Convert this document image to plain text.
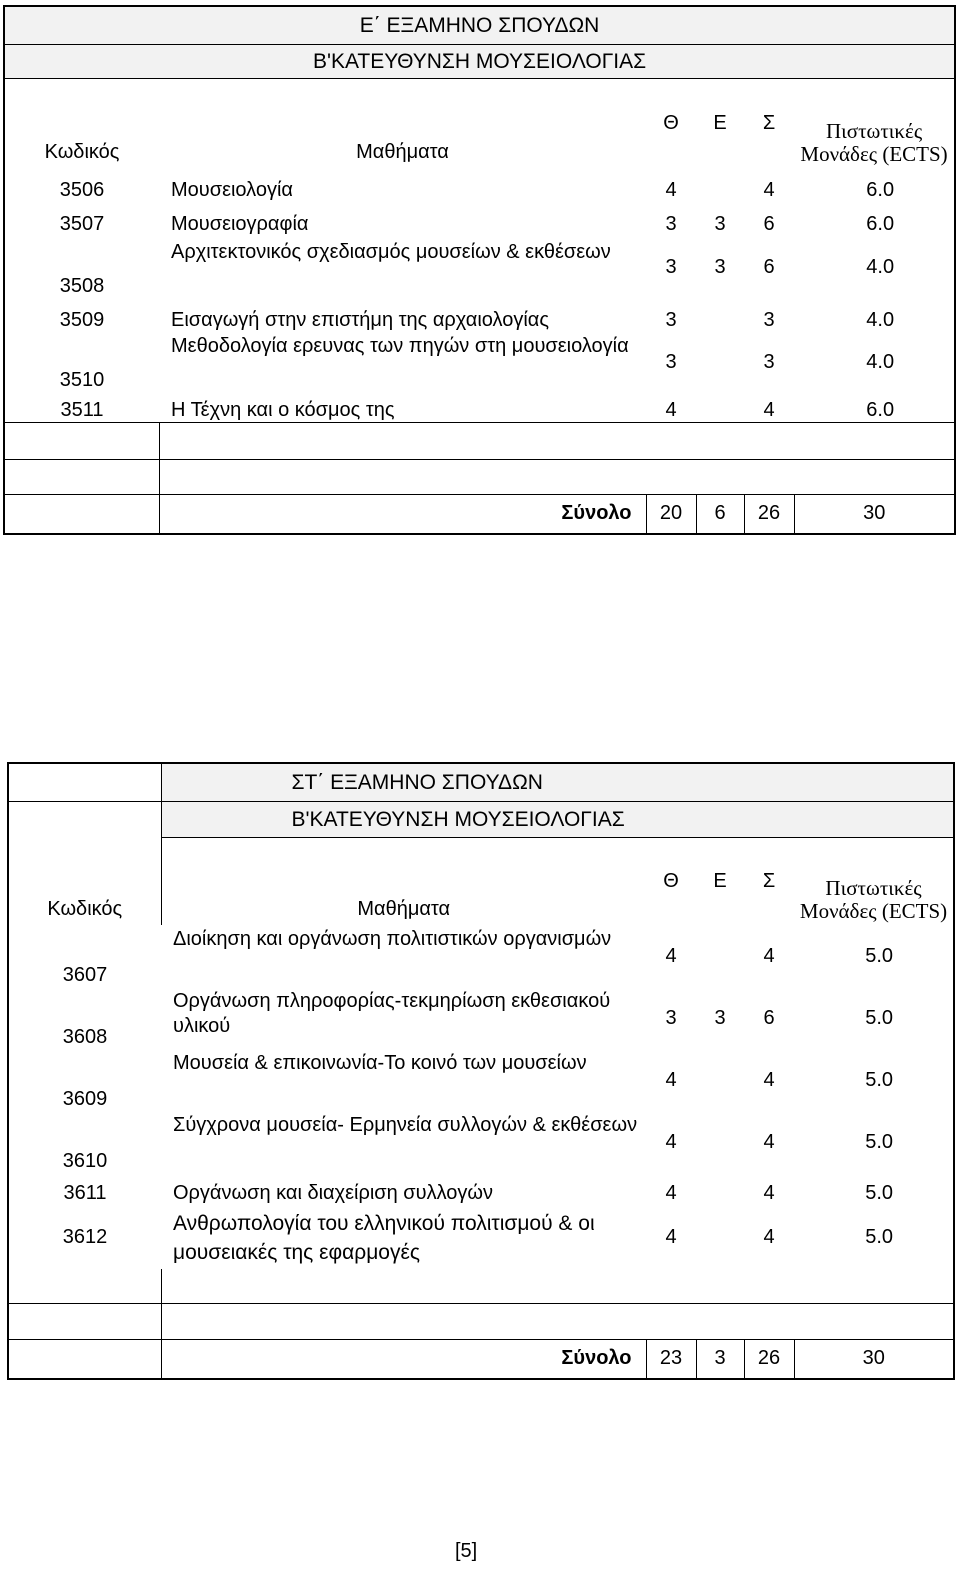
Ε΄ ΕΞΑΜΗΝΟ ΣΠΟΥΔΩΝ					
Β'ΚΑΤΕΥΘΥΝΣΗ ΜΟΥΣΕΙΟΛΟΓΙΑΣ					
Κωδικός	Μαθήματα	Θ	Ε	Σ	Πιστωτικές Μονάδες (ECTS)
3506	Μουσειολογία	4		4	6.0
3507	Μουσειογραφία	3	3	6	6.0
3508	Αρχιτεκτονικός σχεδιασμός μουσείων & εκθέσεων	3	3	6	4.0
3509	Εισαγωγή στην επιστήμη της αρχαιολογίας	3		3	4.0
3510	Μεθοδολογία ερευνας των πηγών στη μουσειολογία	3		3	4.0
3511	Η Τέχνη και ο κόσμος της	4		4	6.0

	Σύνολο	20	6	26	30
	ΣΤ΄ ΕΞΑΜΗΝΟ ΣΠΟΥΔΩΝ				
	Β'ΚΑΤΕΥΘΥΝΣΗ ΜΟΥΣΕΙΟΛΟΓΙΑΣ				
Κωδικός	Μαθήματα	Θ	Ε	Σ	Πιστωτικές Μονάδες (ECTS)
3607	Διοίκηση και οργάνωση πολιτιστικών οργανισμών	4		4	5.0
3608	Οργάνωση πληροφορίας-τεκμηρίωση εκθεσιακού υλικού	3	3	6	5.0
3609	Μουσεία & επικοινωνία-Το κοινό των μουσείων	4		4	5.0
3610	Σύγχρονα μουσεία- Ερμηνεία συλλογών & εκθέσεων	4		4	5.0
3611	Οργάνωση και διαχείριση συλλογών	4		4	5.0
3612	Ανθρωπολογία του ελληνικού πολιτισμού & οι μουσειακές της εφαρμογές	4		4	5.0

	Σύνολο	23	3	26	30
[5]
